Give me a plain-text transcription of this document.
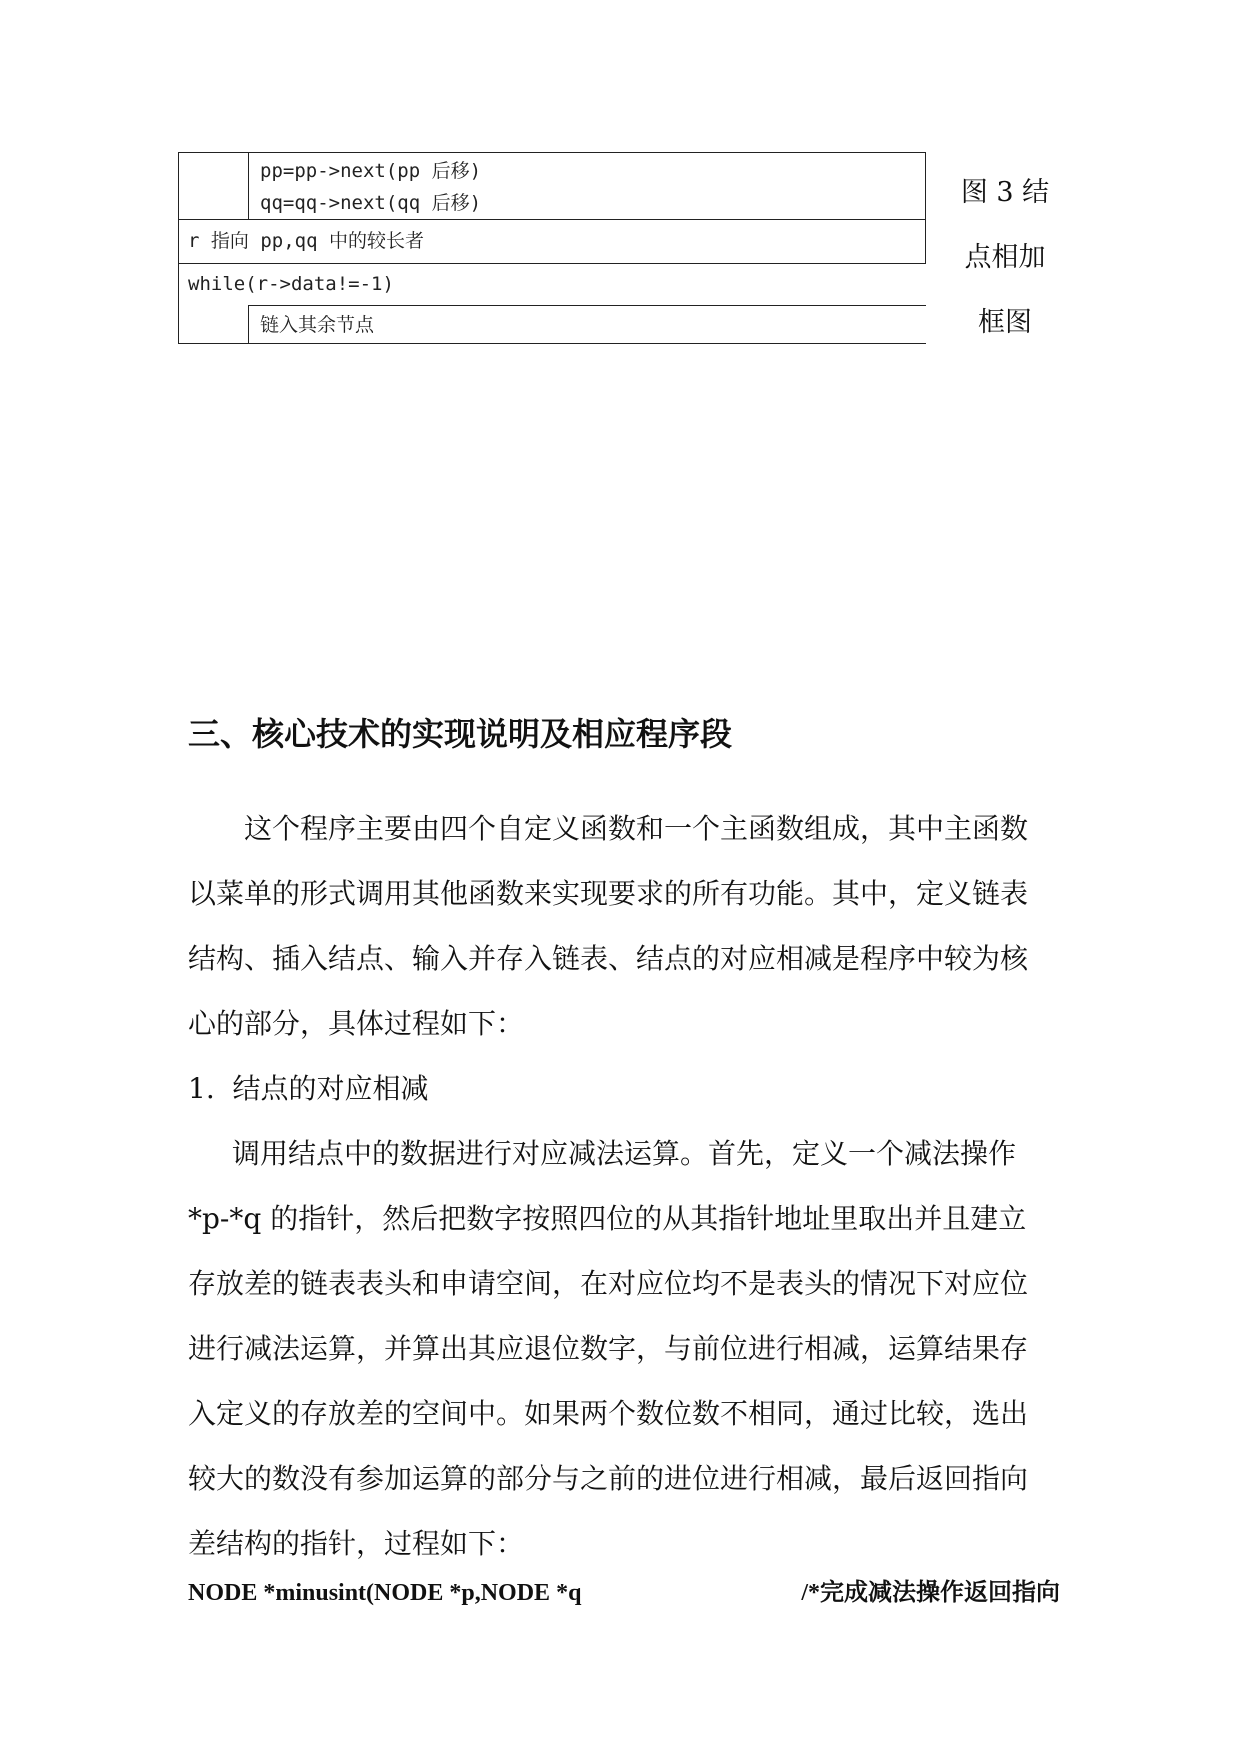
pp=pp->next(pp 后移)
qq=qq->next(qq 后移)
r 指向 pp,qq 中的较长者
while(r->data!=-1)
链入其余节点
图 3 结
点相加
框图
三、核心技术的实现说明及相应程序段
这个程序主要由四个自定义函数和一个主函数组成，其中主函数
以菜单的形式调用其他函数来实现要求的所有功能。其中，定义链表
结构、插入结点、输入并存入链表、结点的对应相减是程序中较为核
心的部分，具体过程如下：
1. 结点的对应相减
调用结点中的数据进行对应减法运算。首先，定义一个减法操作
*p-*q 的指针，然后把数字按照四位的从其指针地址里取出并且建立
存放差的链表表头和申请空间，在对应位均不是表头的情况下对应位
进行减法运算，并算出其应退位数字，与前位进行相减，运算结果存
入定义的存放差的空间中。如果两个数位数不相同，通过比较，选出
较大的数没有参加运算的部分与之前的进位进行相减，最后返回指向
差结构的指针，过程如下：
NODE *minusint(NODE *p,NODE *q	/*完成减法操作返回指向
